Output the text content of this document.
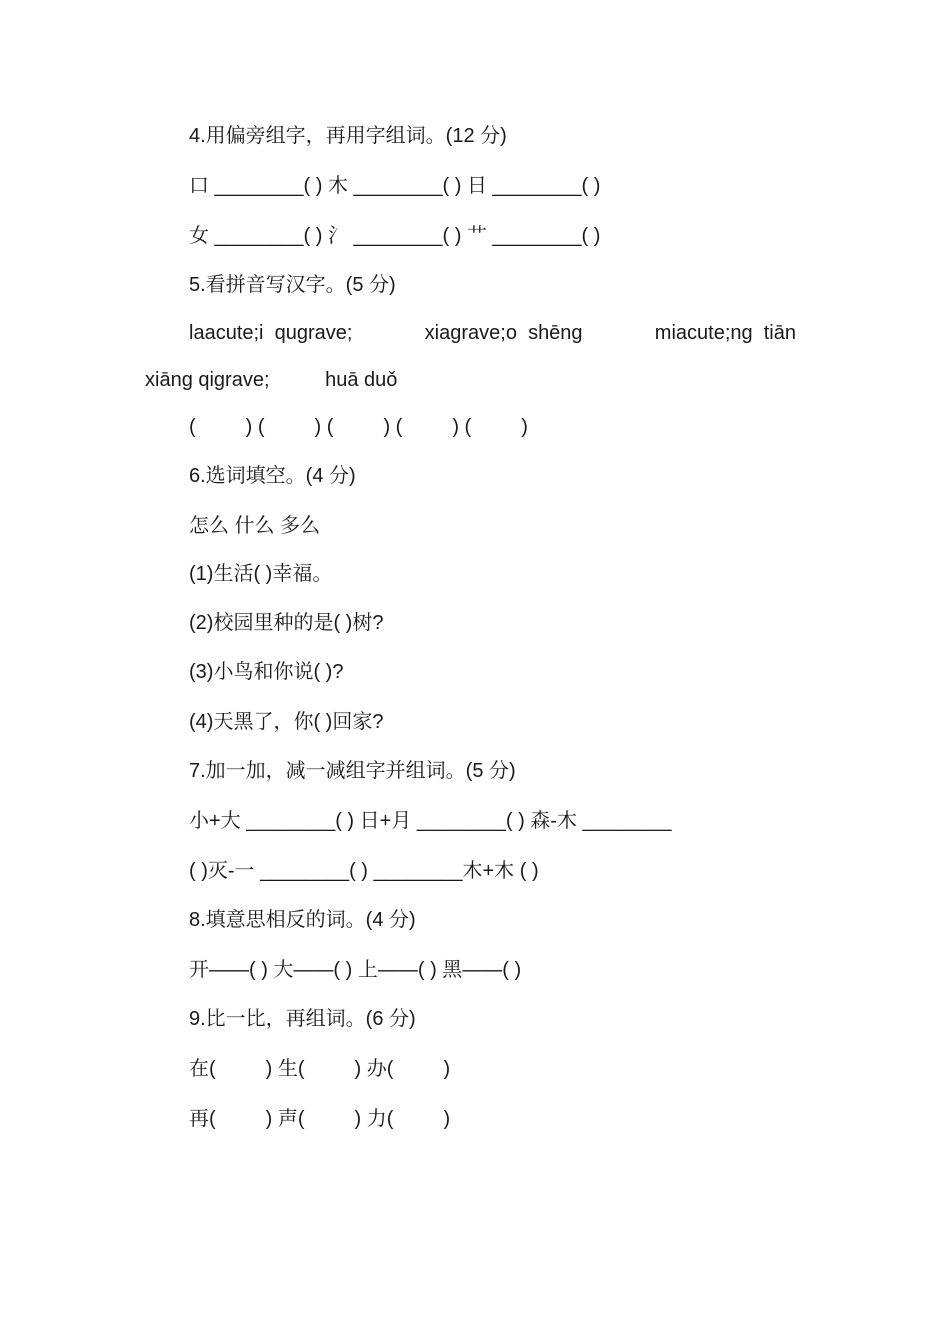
4.用偏旁组字，再用字组词。(12 分)
口 ________( ) 木 ________( ) 日 ________( )
女 ________( ) 氵 ________( ) 艹 ________( )
5.看拼音写汉字。(5 分)
laacute;i  qugrave;             xiagrave;o  shēng             miacute;ng  tiān
xiāng qigrave;          huā duǒ
(         ) (         ) (         ) (         ) (         )
6.选词填空。(4 分)
怎么 什么 多么
(1)生活( )幸福。
(2)校园里种的是( )树?
(3)小鸟和你说( )?
(4)天黑了，你( )回家?
7.加一加，减一减组字并组词。(5 分)
小+大 ________( ) 日+月 ________( ) 森-木 ________
( )灭-一 ________( ) ________木+木 ( )
8.填意思相反的词。(4 分)
开——( ) 大——( ) 上——( ) 黑——( )
9.比一比，再组词。(6 分)
在(         ) 生(         ) 办(         )
再(         ) 声(         ) 力(         )
